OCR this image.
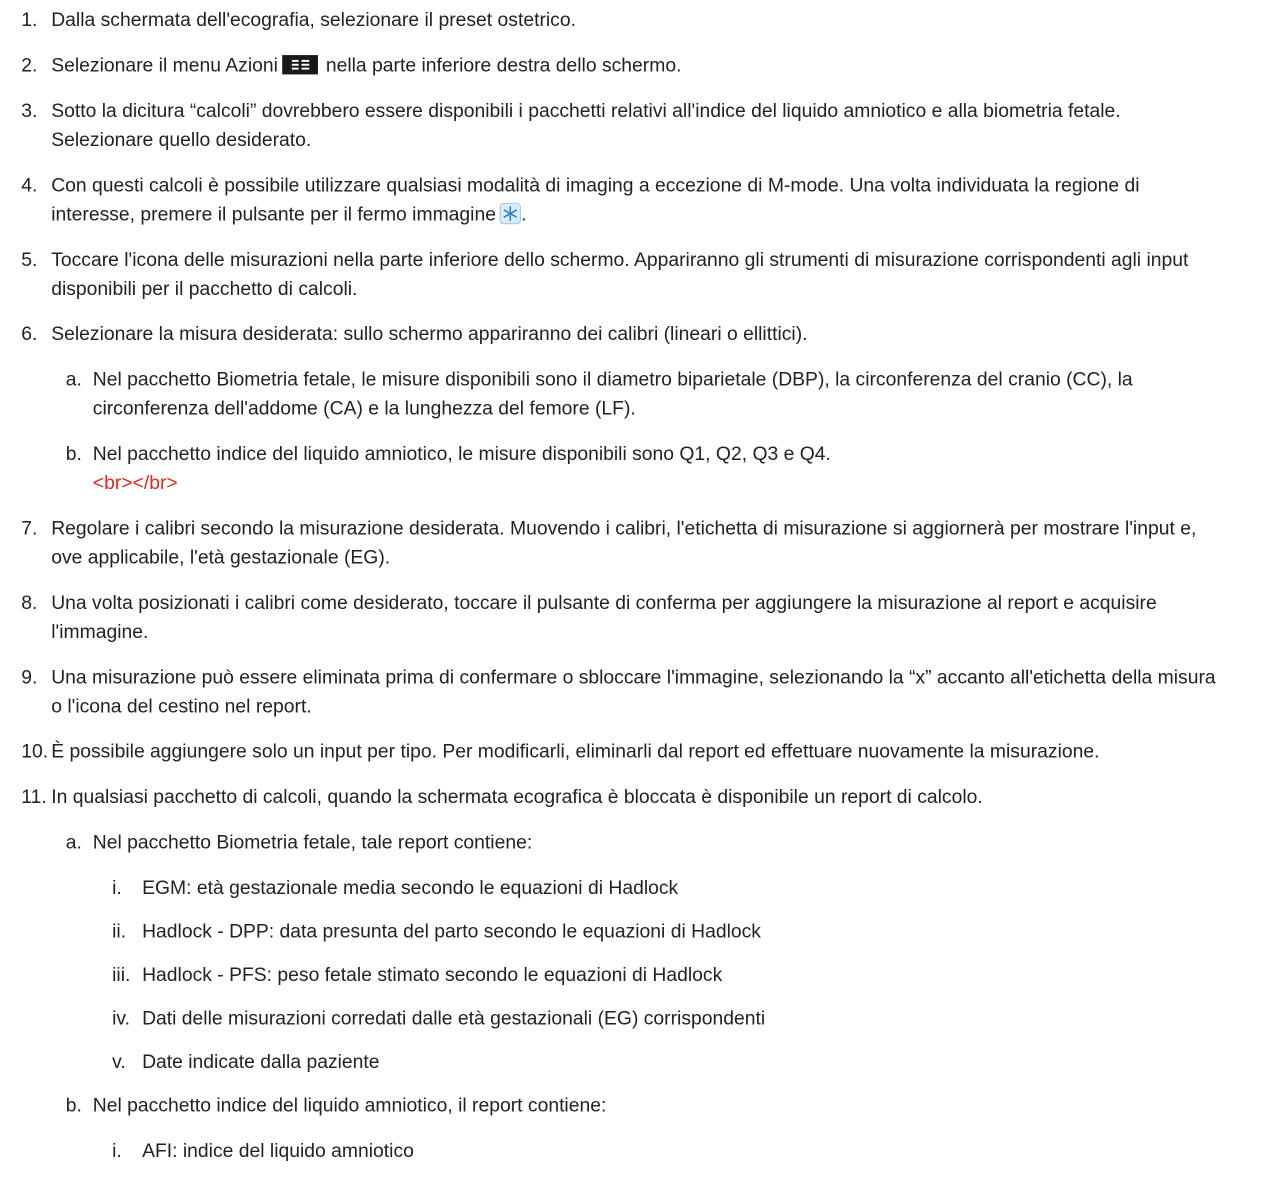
1. Dalla schermata dell'ecografia, selezionare il preset ostetrico.
2. Selezionare il menu Azioni nella parte inferiore destra dello schermo.
3. Sotto la dicitura “calcoli” dovrebbero essere disponibili i pacchetti relativi all'indice del liquido amniotico e alla biometria fetale. Selezionare quello desiderato.
4. Con questi calcoli è possibile utilizzare qualsiasi modalità di imaging a eccezione di M-mode. Una volta individuata la regione di interesse, premere il pulsante per il fermo immagine .
5. Toccare l'icona delle misurazioni nella parte inferiore dello schermo. Appariranno gli strumenti di misurazione corrispondenti agli input disponibili per il pacchetto di calcoli.
6. Selezionare la misura desiderata: sullo schermo appariranno dei calibri (lineari o ellittici).
a. Nel pacchetto Biometria fetale, le misure disponibili sono il diametro biparietale (DBP), la circonferenza del cranio (CC), la circonferenza dell'addome (CA) e la lunghezza del femore (LF).
b. Nel pacchetto indice del liquido amniotico, le misure disponibili sono Q1, Q2, Q3 e Q4.
<br></br>
7. Regolare i calibri secondo la misurazione desiderata. Muovendo i calibri, l'etichetta di misurazione si aggiornerà per mostrare l'input e, ove applicabile, l'età gestazionale (EG).
8. Una volta posizionati i calibri come desiderato, toccare il pulsante di conferma per aggiungere la misurazione al report e acquisire l'immagine.
9. Una misurazione può essere eliminata prima di confermare o sbloccare l'immagine, selezionando la “x” accanto all'etichetta della misura o l'icona del cestino nel report.
10. È possibile aggiungere solo un input per tipo. Per modificarli, eliminarli dal report ed effettuare nuovamente la misurazione.
11. In qualsiasi pacchetto di calcoli, quando la schermata ecografica è bloccata è disponibile un report di calcolo.
a. Nel pacchetto Biometria fetale, tale report contiene:
i.	EGM: età gestazionale media secondo le equazioni di Hadlock
ii. Hadlock - DPP: data presunta del parto secondo le equazioni di Hadlock
iii. Hadlock - PFS: peso fetale stimato secondo le equazioni di Hadlock
iv. Dati delle misurazioni corredati dalle età gestazionali (EG) corrispondenti
v. Date indicate dalla paziente
b. Nel pacchetto indice del liquido amniotico, il report contiene:
i.	AFI: indice del liquido amniotico
